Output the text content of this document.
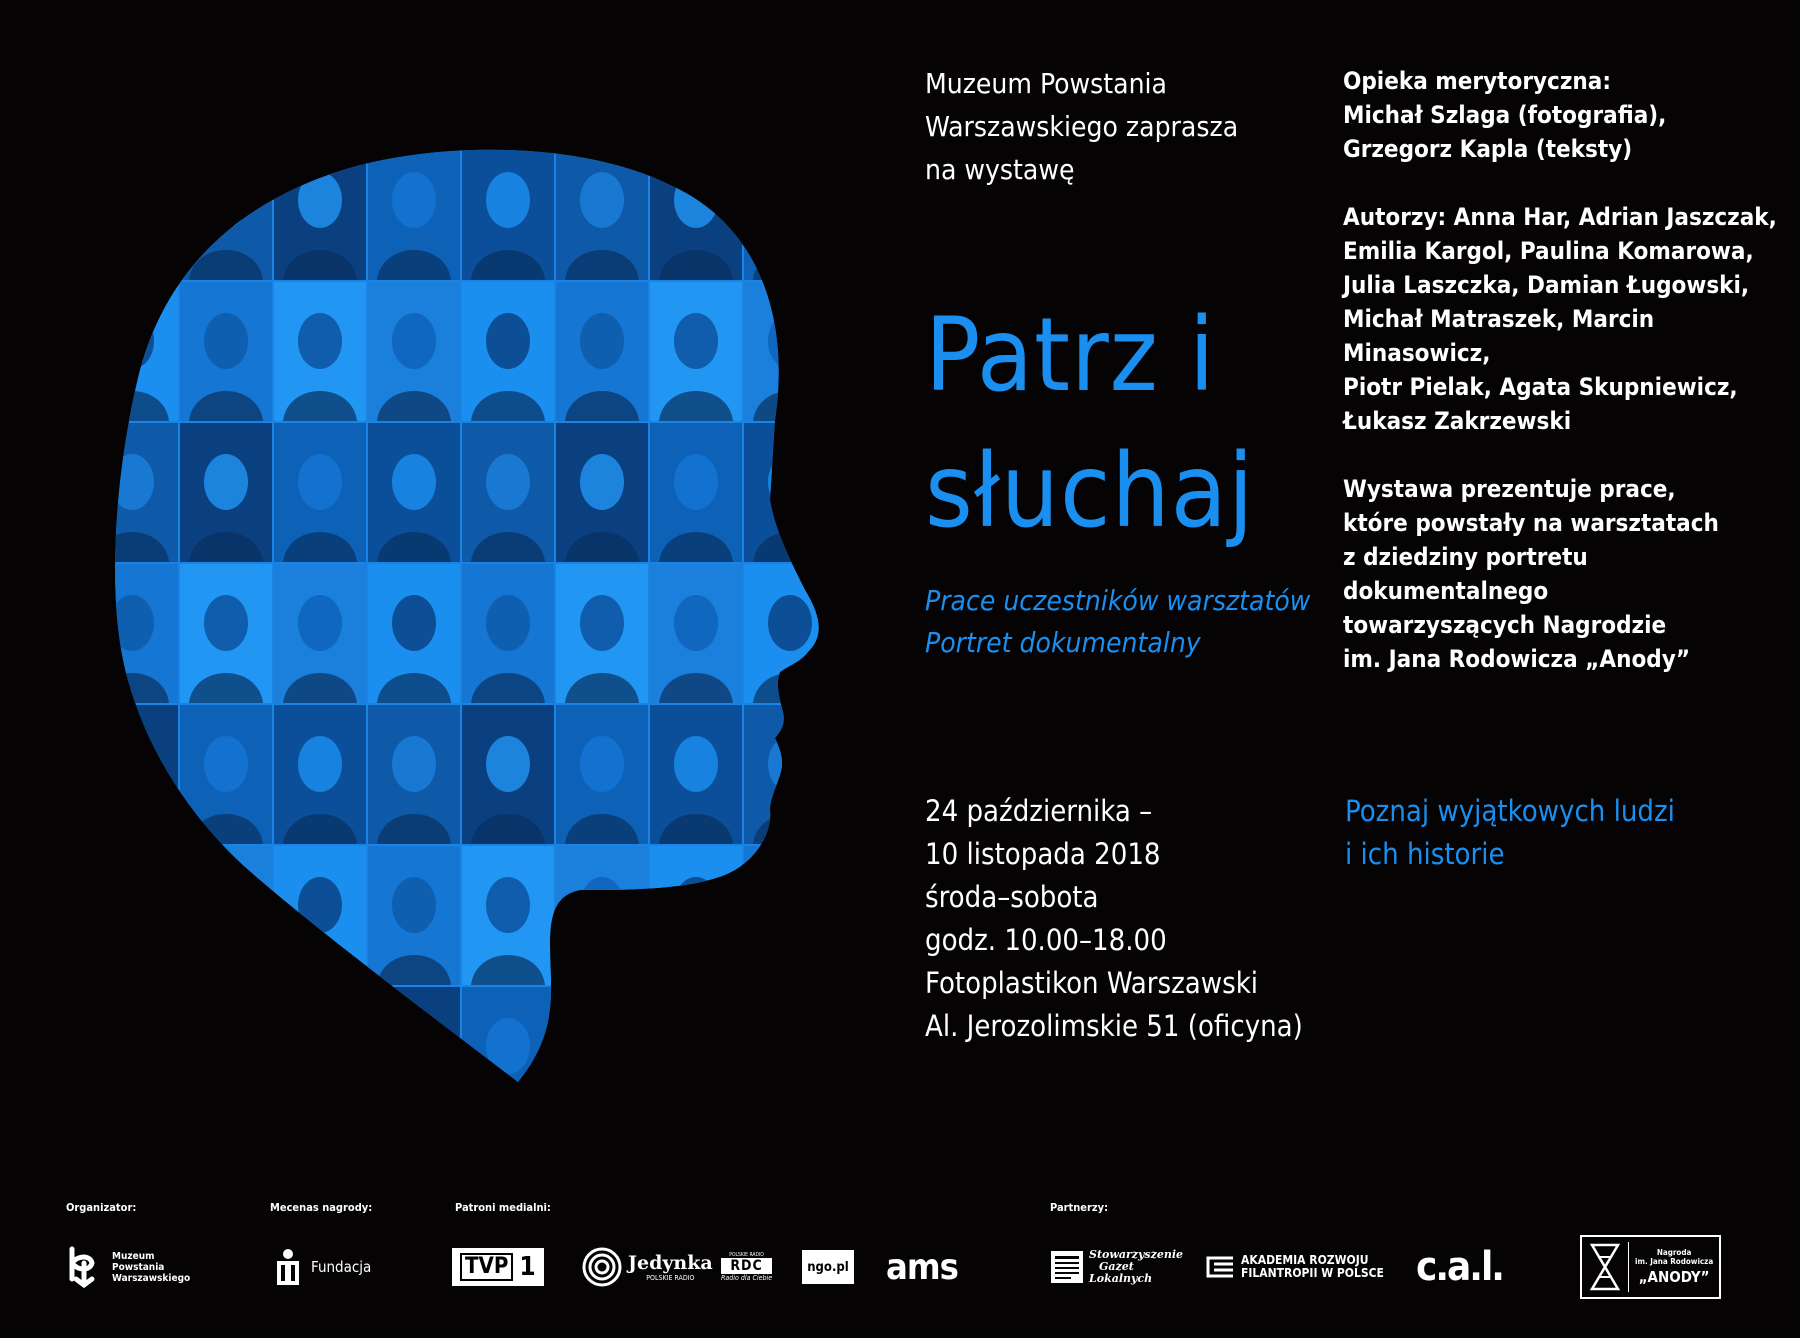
Muzeum Powstania
Warszawskiego zaprasza
na wystawę
Patrz i
słuchaj
Prace uczestników warsztatów
Portret dokumentalny
24 października –
10 listopada 2018
środa–sobota
godz. 10.00–18.00
Fotoplastikon Warszawski
Al. Jerozolimskie 51 (oficyna)
Opieka merytoryczna:
Michał Szlaga (fotografia),
Grzegorz Kapla (teksty)
Autorzy: Anna Har, Adrian Jaszczak,
Emilia Kargol, Paulina Komarowa,
Julia Laszczka, Damian Ługowski,
Michał Matraszek, Marcin Minasowicz,
Piotr Pielak, Agata Skupniewicz,
Łukasz Zakrzewski
Wystawa prezentuje prace,
które powstały na warsztatach
z dziedziny portretu dokumentalnego
towarzyszących Nagrodzie
im. Jana Rodowicza „Anody”
Poznaj wyjątkowych ludzi
i ich historie
Organizator:	Mecenas nagrody:	Patroni medialni:	Partnerzy:
Muzeum
Powstania
Warszawskiego
Fundacja	TVP 1	Jedynka
POLSKIE RADIO
POLSKIE RADIO
RDC
Radio dla Ciebie
ngo.pl ams	Stowarzyszenie
Gazet
Lokalnych
AKADEMIA ROZWOJU
FILANTROPII W POLSCE c.a.l.	Nagroda
im. Jana Rodowicza
„ANODY”
